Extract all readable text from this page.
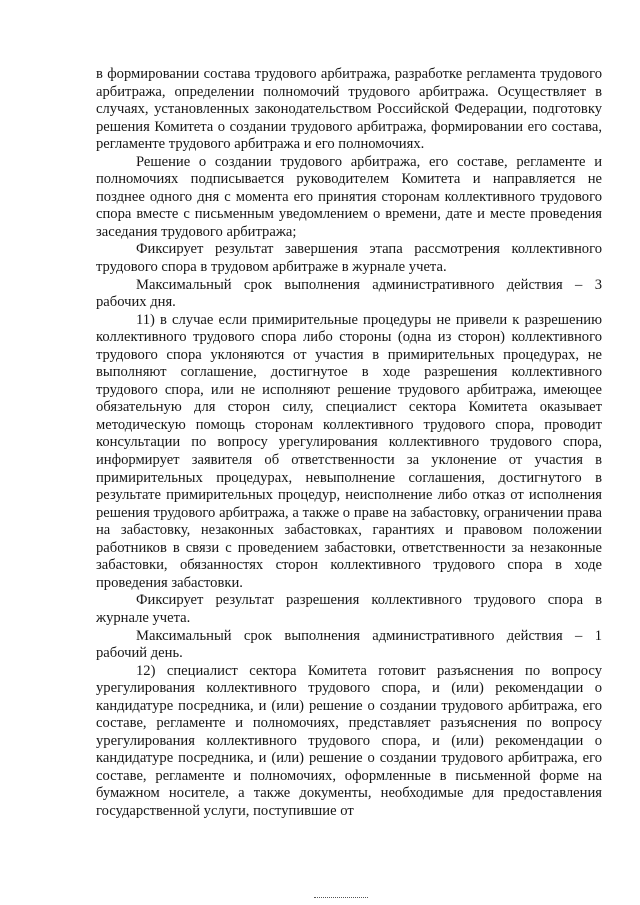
в формировании состава трудового арбитража, разработке регламента трудового арбитража, определении полномочий трудового арбитража. Осуществляет в случаях, установленных законодательством Российской Федерации, подготовку решения Комитета о создании трудового арбитража, формировании его состава, регламенте трудового арбитража и его полномочиях.

Решение о создании трудового арбитража, его составе, регламенте и полномочиях подписывается руководителем Комитета и направляется не позднее одного дня с момента его принятия сторонам коллективного трудового спора вместе с письменным уведомлением о времени, дате и месте проведения заседания трудового арбитража;

Фиксирует результат завершения этапа рассмотрения коллективного трудового спора в трудовом арбитраже в журнале учета.

Максимальный срок выполнения административного действия – 3 рабочих дня.

11) в случае если примирительные процедуры не привели к разрешению коллективного трудового спора либо стороны (одна из сторон) коллективного трудового спора уклоняются от участия в примирительных процедурах, не выполняют соглашение, достигнутое в ходе разрешения коллективного трудового спора, или не исполняют решение трудового арбитража, имеющее обязательную для сторон силу, специалист сектора Комитета оказывает методическую помощь сторонам коллективного трудового спора, проводит консультации по вопросу урегулирования коллективного трудового спора, информирует заявителя об ответственности за уклонение от участия в примирительных процедурах, невыполнение соглашения, достигнутого в результате примирительных процедур, неисполнение либо отказ от исполнения решения трудового арбитража, а также о праве на забастовку, ограничении права на забастовку, незаконных забастовках, гарантиях и правовом положении работников в связи с проведением забастовки, ответственности за незаконные забастовки, обязанностях сторон коллективного трудового спора в ходе проведения забастовки.

Фиксирует результат разрешения коллективного трудового спора в журнале учета.

Максимальный срок выполнения административного действия – 1 рабочий день.

12) специалист сектора Комитета готовит разъяснения по вопросу урегулирования коллективного трудового спора, и (или) рекомендации о кандидатуре посредника, и (или) решение о создании трудового арбитража, его составе, регламенте и полномочиях, представляет разъяснения по вопросу урегулирования коллективного трудового спора, и (или) рекомендации о кандидатуре посредника, и (или) решение о создании трудового арбитража, его составе, регламенте и полномочиях, оформленные в письменной форме на бумажном носителе, а также документы, необходимые для предоставления государственной услуги, поступившие от
